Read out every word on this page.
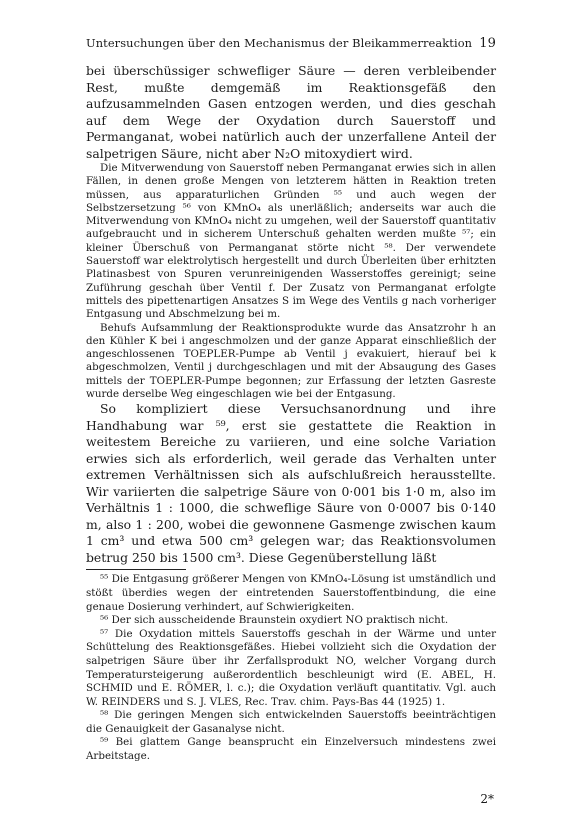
Untersuchungen über den Mechanismus der Bleikammerreaktion 19

bei überschüssiger schwefliger Säure — deren verbleibender Rest, mußte demgemäß im Reaktionsgefäß den aufzusammelnden Gasen entzogen werden, und dies geschah auf dem Wege der Oxydation durch Sauerstoff und Permanganat, wobei natürlich auch der unzerfallene Anteil der salpetrigen Säure, nicht aber N₂O mitoxydiert wird.

Die Mitverwendung von Sauerstoff neben Permanganat erwies sich in allen Fällen, in denen große Mengen von letzterem hätten in Reaktion treten müssen, aus apparaturlichen Gründen ⁵⁵ und auch wegen der Selbstzersetzung ⁵⁶ von KMnO₄ als unerläßlich; anderseits war auch die Mitverwendung von KMnO₄ nicht zu umgehen, weil der Sauerstoff quantitativ aufgebraucht und in sicherem Unterschuß gehalten werden mußte ⁵⁷; ein kleiner Überschuß von Permanganat störte nicht ⁵⁸. Der verwendete Sauerstoff war elektrolytisch hergestellt und durch Überleiten über erhitzten Platinasbest von Spuren verunreinigenden Wasserstoffes gereinigt; seine Zuführung geschah über Ventil f. Der Zusatz von Permanganat erfolgte mittels des pipettenartigen Ansatzes S im Wege des Ventils g nach vorheriger Entgasung und Abschmelzung bei m.

Behufs Aufsammlung der Reaktionsprodukte wurde das Ansatzrohr h an den Kühler K bei i angeschmolzen und der ganze Apparat einschließlich der angeschlossenen TOEPLER-Pumpe ab Ventil j evakuiert, hierauf bei k abgeschmolzen, Ventil j durchgeschlagen und mit der Absaugung des Gases mittels der TOEPLER-Pumpe begonnen; zur Erfassung der letzten Gasreste wurde derselbe Weg eingeschlagen wie bei der Entgasung.

So kompliziert diese Versuchsanordnung und ihre Handhabung war ⁵⁹, erst sie gestattete die Reaktion in weitestem Bereiche zu variieren, und eine solche Variation erwies sich als erforderlich, weil gerade das Verhalten unter extremen Verhältnissen sich als aufschlußreich herausstellte. Wir variierten die salpetrige Säure von 0·001 bis 1·0 m, also im Verhältnis 1 : 1000, die schweflige Säure von 0·0007 bis 0·140 m, also 1 : 200, wobei die gewonnene Gasmenge zwischen kaum 1 cm³ und etwa 500 cm³ gelegen war; das Reaktionsvolumen betrug 250 bis 1500 cm³. Diese Gegenüberstellung läßt

⁵⁵ Die Entgasung größerer Mengen von KMnO₄-Lösung ist umständlich und stößt überdies wegen der eintretenden Sauerstoffentbindung, die eine genaue Dosierung verhindert, auf Schwierigkeiten.

⁵⁶ Der sich ausscheidende Braunstein oxydiert NO praktisch nicht.

⁵⁷ Die Oxydation mittels Sauerstoffs geschah in der Wärme und unter Schüttelung des Reaktionsgefäßes. Hiebei vollzieht sich die Oxydation der salpetrigen Säure über ihr Zerfallsprodukt NO, welcher Vorgang durch Temperatursteigerung außerordentlich beschleunigt wird (E. ABEL, H. SCHMID und E. RÖMER, l. c.); die Oxydation verläuft quantitativ. Vgl. auch W. REINDERS und S. J. VLES, Rec. Trav. chim. Pays-Bas 44 (1925) 1.

⁵⁸ Die geringen Mengen sich entwickelnden Sauerstoffs beeinträchtigen die Genauigkeit der Gasanalyse nicht.

⁵⁹ Bei glattem Gange beansprucht ein Einzelversuch mindestens zwei Arbeitstage.

2*
